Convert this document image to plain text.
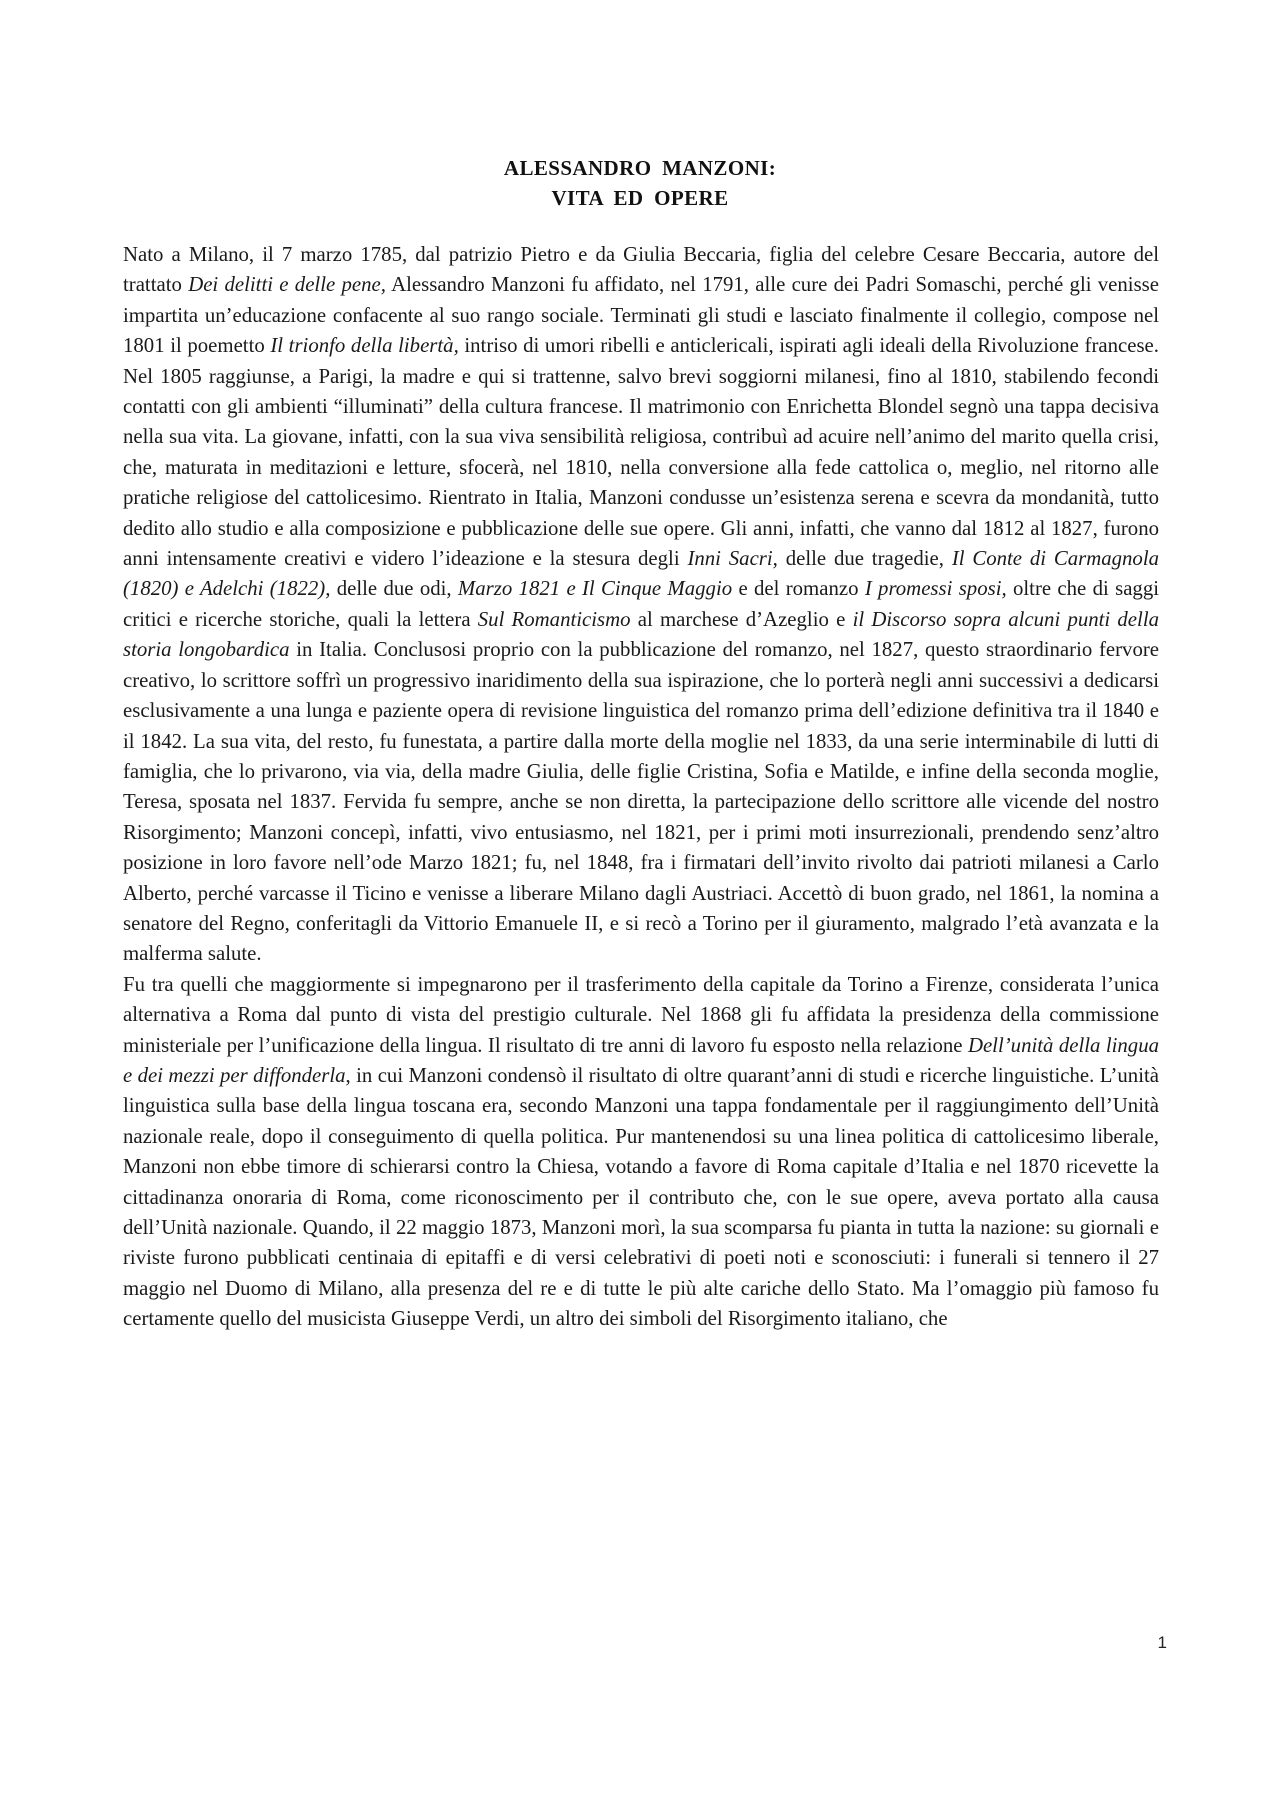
ALESSANDRO MANZONI:
VITA ED OPERE

Nato a Milano, il 7 marzo 1785, dal patrizio Pietro e da Giulia Beccaria, figlia del celebre Cesare Beccaria, autore del trattato Dei delitti e delle pene, Alessandro Manzoni fu affidato, nel 1791, alle cure dei Padri Somaschi, perché gli venisse impartita un’educazione confacente al suo rango sociale. Terminati gli studi e lasciato finalmente il collegio, compose nel 1801 il poemetto Il trionfo della libertà, intriso di umori ribelli e anticlericali, ispirati agli ideali della Rivoluzione francese. Nel 1805 raggiunse, a Parigi, la madre e qui si trattenne, salvo brevi soggiorni milanesi, fino al 1810, stabilendo fecondi contatti con gli ambienti “illuminati” della cultura francese. Il matrimonio con Enrichetta Blondel segnò una tappa decisiva nella sua vita. La giovane, infatti, con la sua viva sensibilità religiosa, contribuì ad acuire nell’animo del marito quella crisi, che, maturata in meditazioni e letture, sfocerà, nel 1810, nella conversione alla fede cattolica o, meglio, nel ritorno alle pratiche religiose del cattolicesimo. Rientrato in Italia, Manzoni condusse un’esistenza serena e scevra da mondanità, tutto dedito allo studio e alla composizione e pubblicazione delle sue opere. Gli anni, infatti, che vanno dal 1812 al 1827, furono anni intensamente creativi e videro l’ideazione e la stesura degli Inni Sacri, delle due tragedie, Il Conte di Carmagnola (1820) e Adelchi (1822), delle due odi, Marzo 1821 e Il Cinque Maggio e del romanzo I promessi sposi, oltre che di saggi critici e ricerche storiche, quali la lettera Sul Romanticismo al marchese d’Azeglio e il Discorso sopra alcuni punti della storia longobardica in Italia. Conclusosi proprio con la pubblicazione del romanzo, nel 1827, questo straordinario fervore creativo, lo scrittore soffrì un progressivo inaridimento della sua ispirazione, che lo porterà negli anni successivi a dedicarsi esclusivamente a una lunga e paziente opera di revisione linguistica del romanzo prima dell’edizione definitiva tra il 1840 e il 1842. La sua vita, del resto, fu funestata, a partire dalla morte della moglie nel 1833, da una serie interminabile di lutti di famiglia, che lo privarono, via via, della madre Giulia, delle figlie Cristina, Sofia e Matilde, e infine della seconda moglie, Teresa, sposata nel 1837. Fervida fu sempre, anche se non diretta, la partecipazione dello scrittore alle vicende del nostro Risorgimento; Manzoni concepì, infatti, vivo entusiasmo, nel 1821, per i primi moti insurrezionali, prendendo senz’altro posizione in loro favore nell’ode Marzo 1821; fu, nel 1848, fra i firmatari dell’invito rivolto dai patrioti milanesi a Carlo Alberto, perché varcasse il Ticino e venisse a liberare Milano dagli Austriaci. Accettò di buon grado, nel 1861, la nomina a senatore del Regno, conferitagli da Vittorio Emanuele II, e si recò a Torino per il giuramento, malgrado l’età avanzata e la malferma salute.

Fu tra quelli che maggiormente si impegnarono per il trasferimento della capitale da Torino a Firenze, considerata l’unica alternativa a Roma dal punto di vista del prestigio culturale. Nel 1868 gli fu affidata la presidenza della commissione ministeriale per l’unificazione della lingua. Il risultato di tre anni di lavoro fu esposto nella relazione Dell’unità della lingua e dei mezzi per diffonderla, in cui Manzoni condensò il risultato di oltre quarant’anni di studi e ricerche linguistiche. L’unità linguistica sulla base della lingua toscana era, secondo Manzoni una tappa fondamentale per il raggiungimento dell’Unità nazionale reale, dopo il conseguimento di quella politica. Pur mantenendosi su una linea politica di cattolicesimo liberale, Manzoni non ebbe timore di schierarsi contro la Chiesa, votando a favore di Roma capitale d’Italia e nel 1870 ricevette la cittadinanza onoraria di Roma, come riconoscimento per il contributo che, con le sue opere, aveva portato alla causa dell’Unità nazionale. Quando, il 22 maggio 1873, Manzoni morì, la sua scomparsa fu pianta in tutta la nazione: su giornali e riviste furono pubblicati centinaia di epitaffi e di versi celebrativi di poeti noti e sconosciuti: i funerali si tennero il 27 maggio nel Duomo di Milano, alla presenza del re e di tutte le più alte cariche dello Stato. Ma l’omaggio più famoso fu certamente quello del musicista Giuseppe Verdi, un altro dei simboli del Risorgimento italiano, che

1
